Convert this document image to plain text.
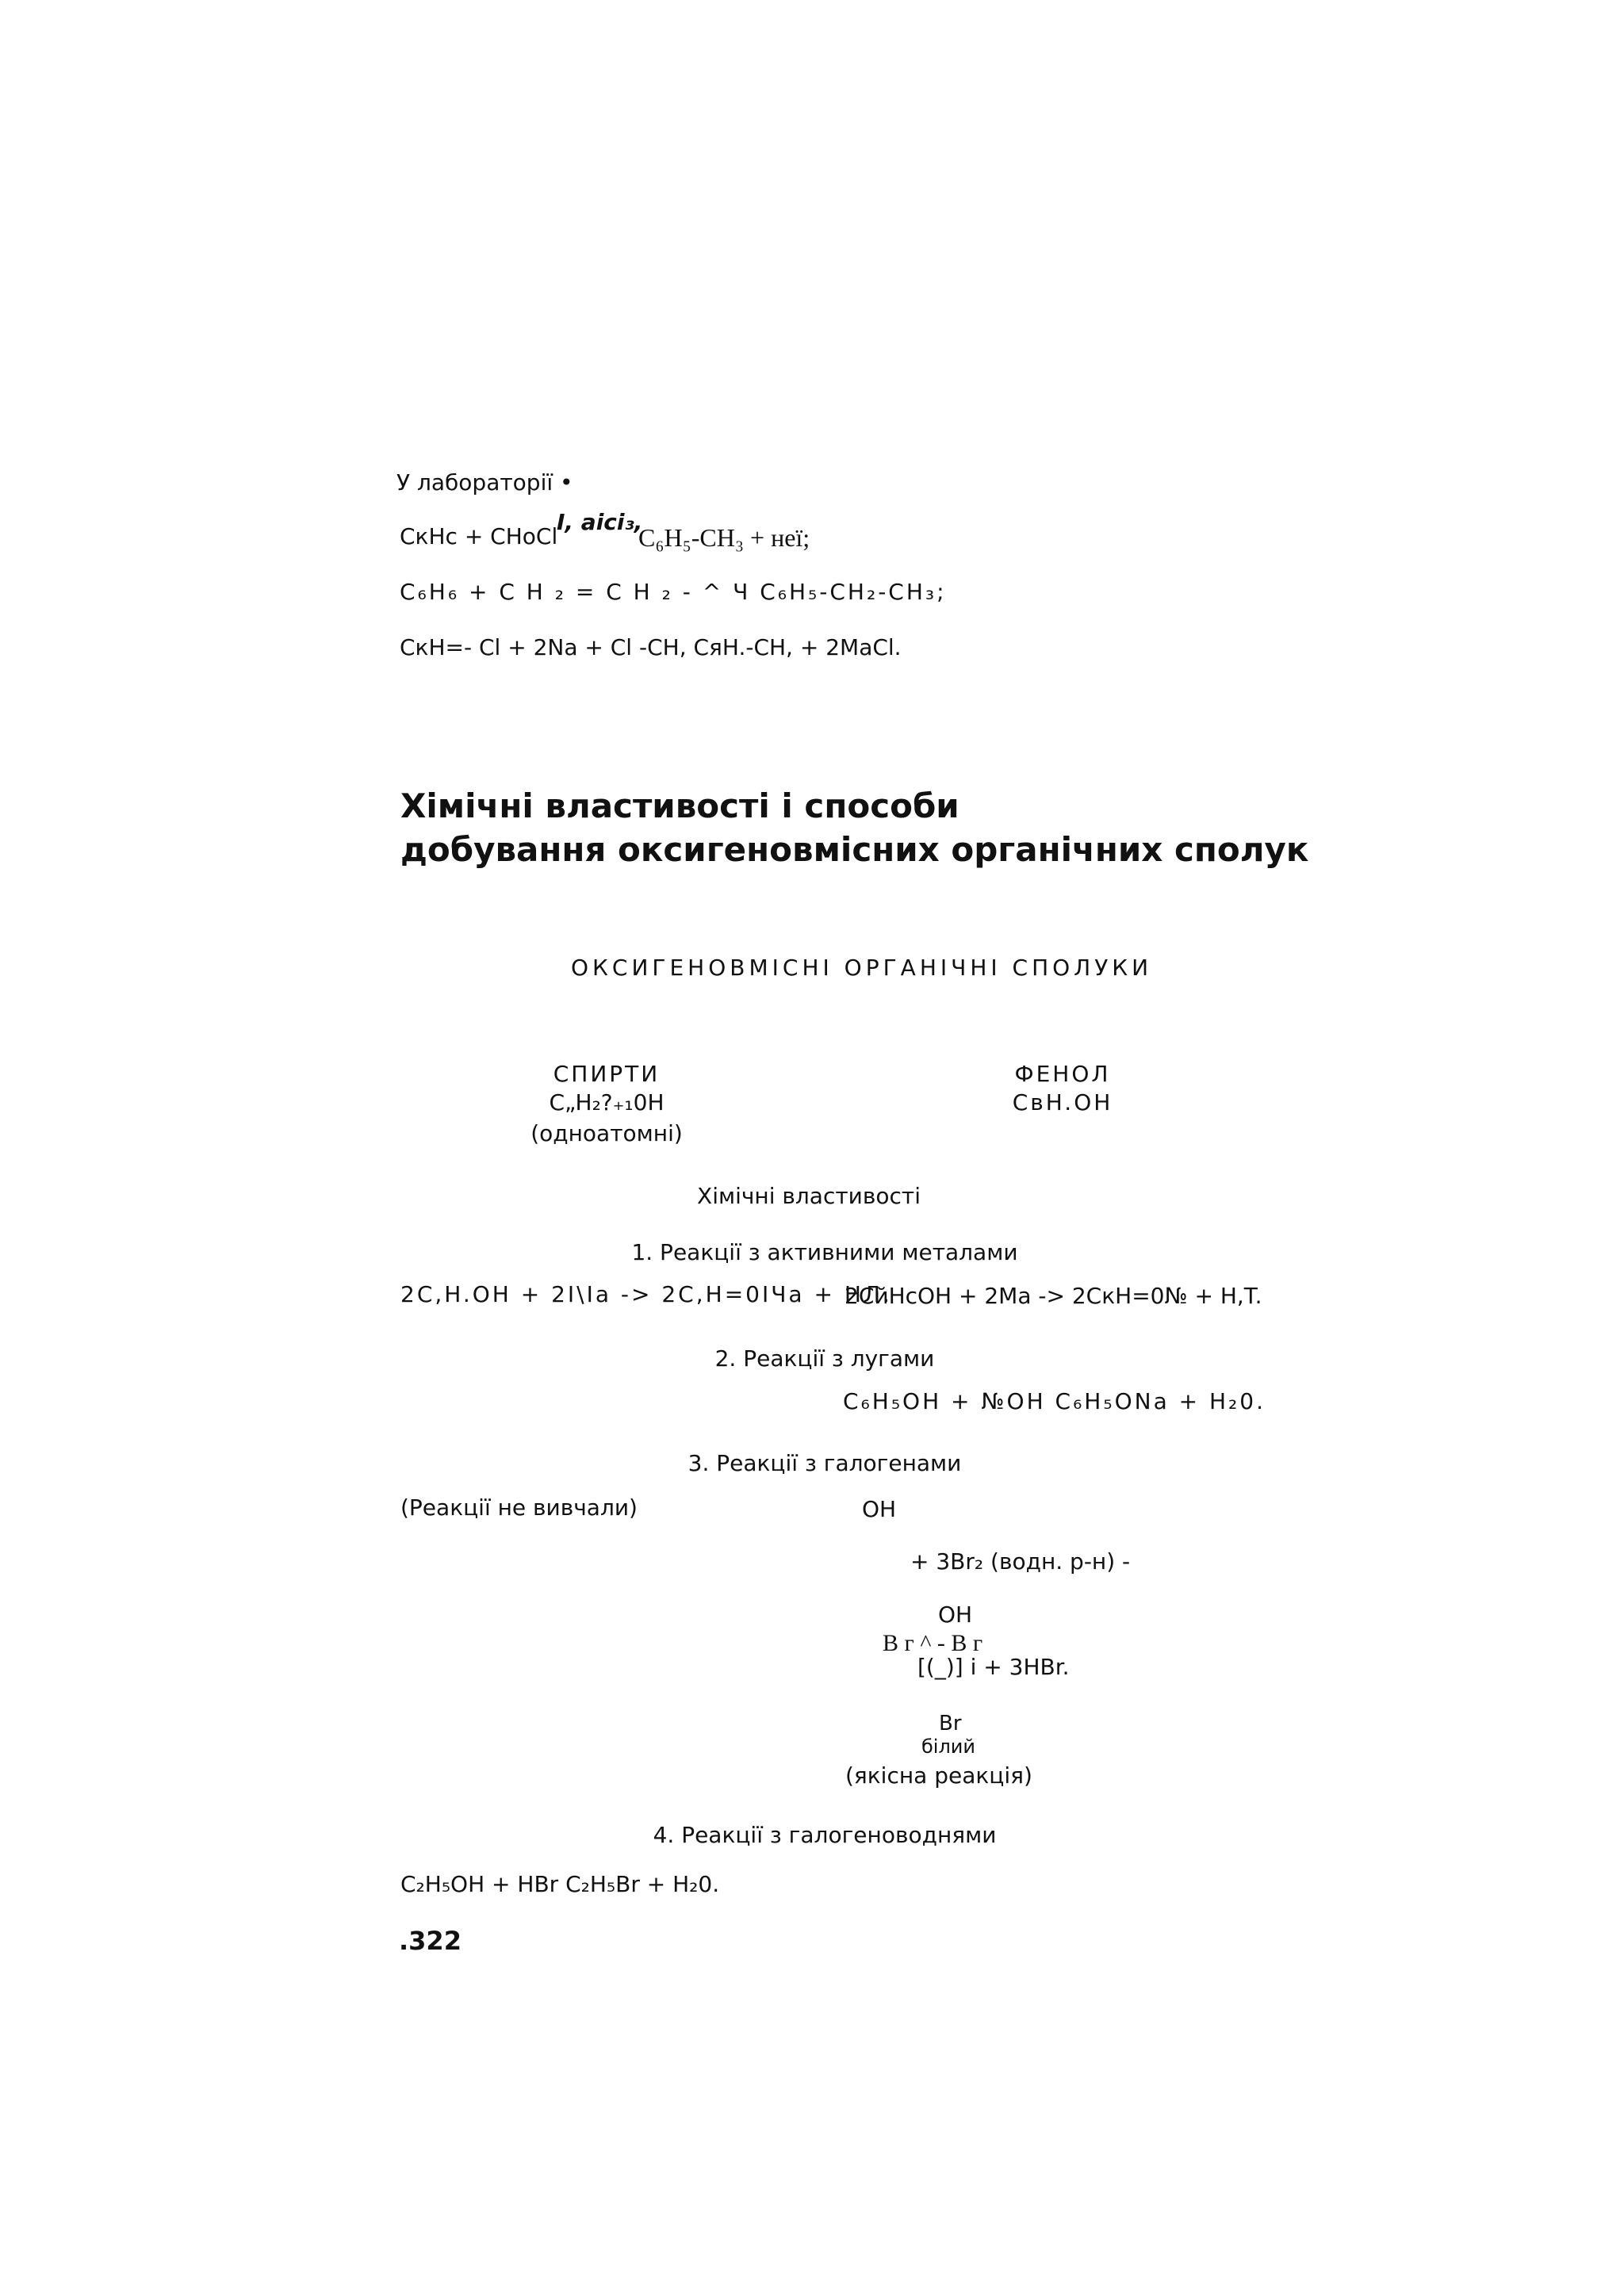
У лабораторії •
CкHc + CHoCl
I, aici₃,
C₆H₅-CH₃ + неї;
C₆H₆ + C H ₂ = C H ₂ - ^ Ч C₆H₅-CH₂-CH₃;
CкH=- Cl + 2Na + Cl -CH, CяH.-CH, + 2MaCl.
Хімічні властивості і способи
добування оксигеновмісних органічних сполук
ОКСИГЕНОВМІСНІ ОРГАНІЧНІ СПОЛУКИ
СПИРТИ
C„H₂?₊₁0H
(одноатомні)
ФЕНОЛ
CвH.OH
Хімічні властивості
1. Реакції з активними металами
2C,H.OH + 2I\Ia -> 2C,H=0IЧa + НЛ.
2CйHcOH + 2Ma -> 2CкH=0№ + H,T.
2. Реакції з лугами
C₆H₅OH + №OH C₆H₅ONa + H₂0.
3. Реакції з галогенами
(Реакції не вивчали)	OH
+ 3Br₂ (водн. р-н) -
OH
B г ^ - B г
[(_)] i + 3HBr.
Br
білий
(якісна реакція)
4. Реакції з галогеноводнями
C₂H₅OH + HBr C₂H₅Br + H₂0.
.322
